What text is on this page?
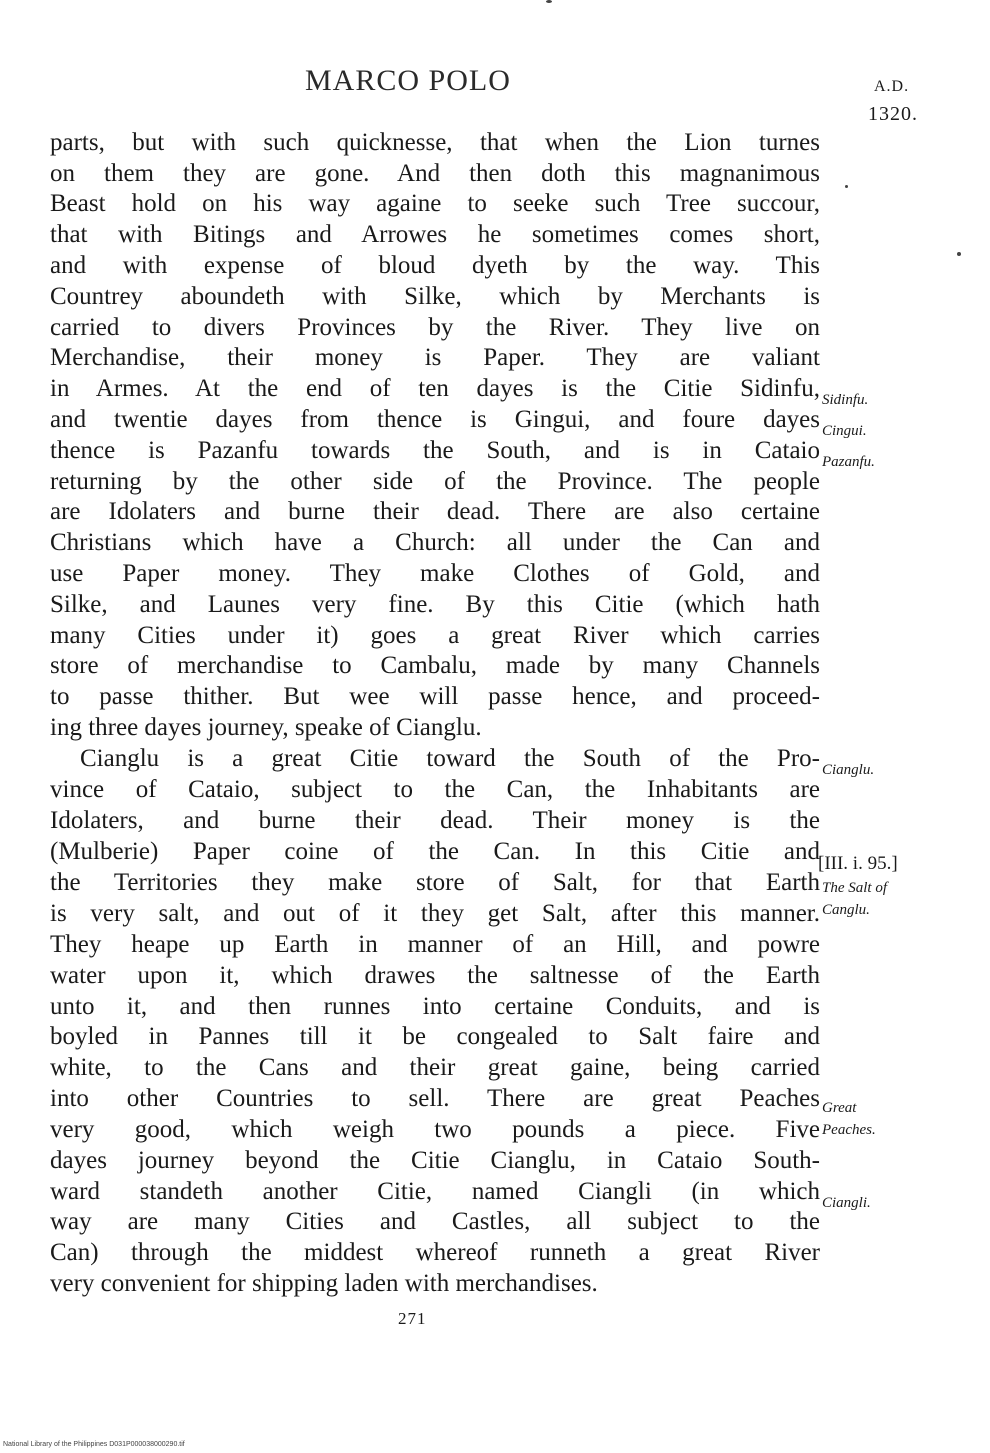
MARCO POLO	A.D.
1320.
parts, but with such quicknesse, that when the Lion turnes
on them they are gone. And then doth this magnanimous
Beast hold on his way againe to seeke such Tree succour,
that with Bitings and Arrowes he sometimes comes short,
and with expense of bloud dyeth by the way. This
Countrey aboundeth with Silke, which by Merchants is
carried to divers Provinces by the River. They live on
Merchandise, their money is Paper. They are valiant
in Armes. At the end of ten dayes is the Citie Sidinfu,
and twentie dayes from thence is Gingui, and foure dayes
thence is Pazanfu towards the South, and is in Cataio
returning by the other side of the Province. The people
are Idolaters and burne their dead. There are also certaine
Christians which have a Church: all under the Can and
use Paper money. They make Clothes of Gold, and
Silke, and Launes very fine. By this Citie (which hath
many Cities under it) goes a great River which carries
store of merchandise to Cambalu, made by many Channels
to passe thither. But wee will passe hence, and proceed-
ing three dayes journey, speake of Cianglu.
Cianglu is a great Citie toward the South of the Pro-
vince of Cataio, subject to the Can, the Inhabitants are
Idolaters, and burne their dead. Their money is the
(Mulberie) Paper coine of the Can. In this Citie and
the Territories they make store of Salt, for that Earth
is very salt, and out of it they get Salt, after this manner.
They heape up Earth in manner of an Hill, and powre
water upon it, which drawes the saltnesse of the Earth
unto it, and then runnes into certaine Conduits, and is
boyled in Pannes till it be congealed to Salt faire and
white, to the Cans and their great gaine, being carried
into other Countries to sell. There are great Peaches
very good, which weigh two pounds a piece. Five
dayes journey beyond the Citie Cianglu, in Cataio South-
ward standeth another Citie, named Ciangli (in which
way are many Cities and Castles, all subject to the
Can) through the middest whereof runneth a great River
very convenient for shipping laden with merchandises.
Sidinfu.
Cingui.
Pazanfu.
Cianglu.
[III. i. 95.]
The Salt of
Canglu.
Great
Peaches.
Ciangli.
271
National Library of the Philippines D031P000038000290.tif
